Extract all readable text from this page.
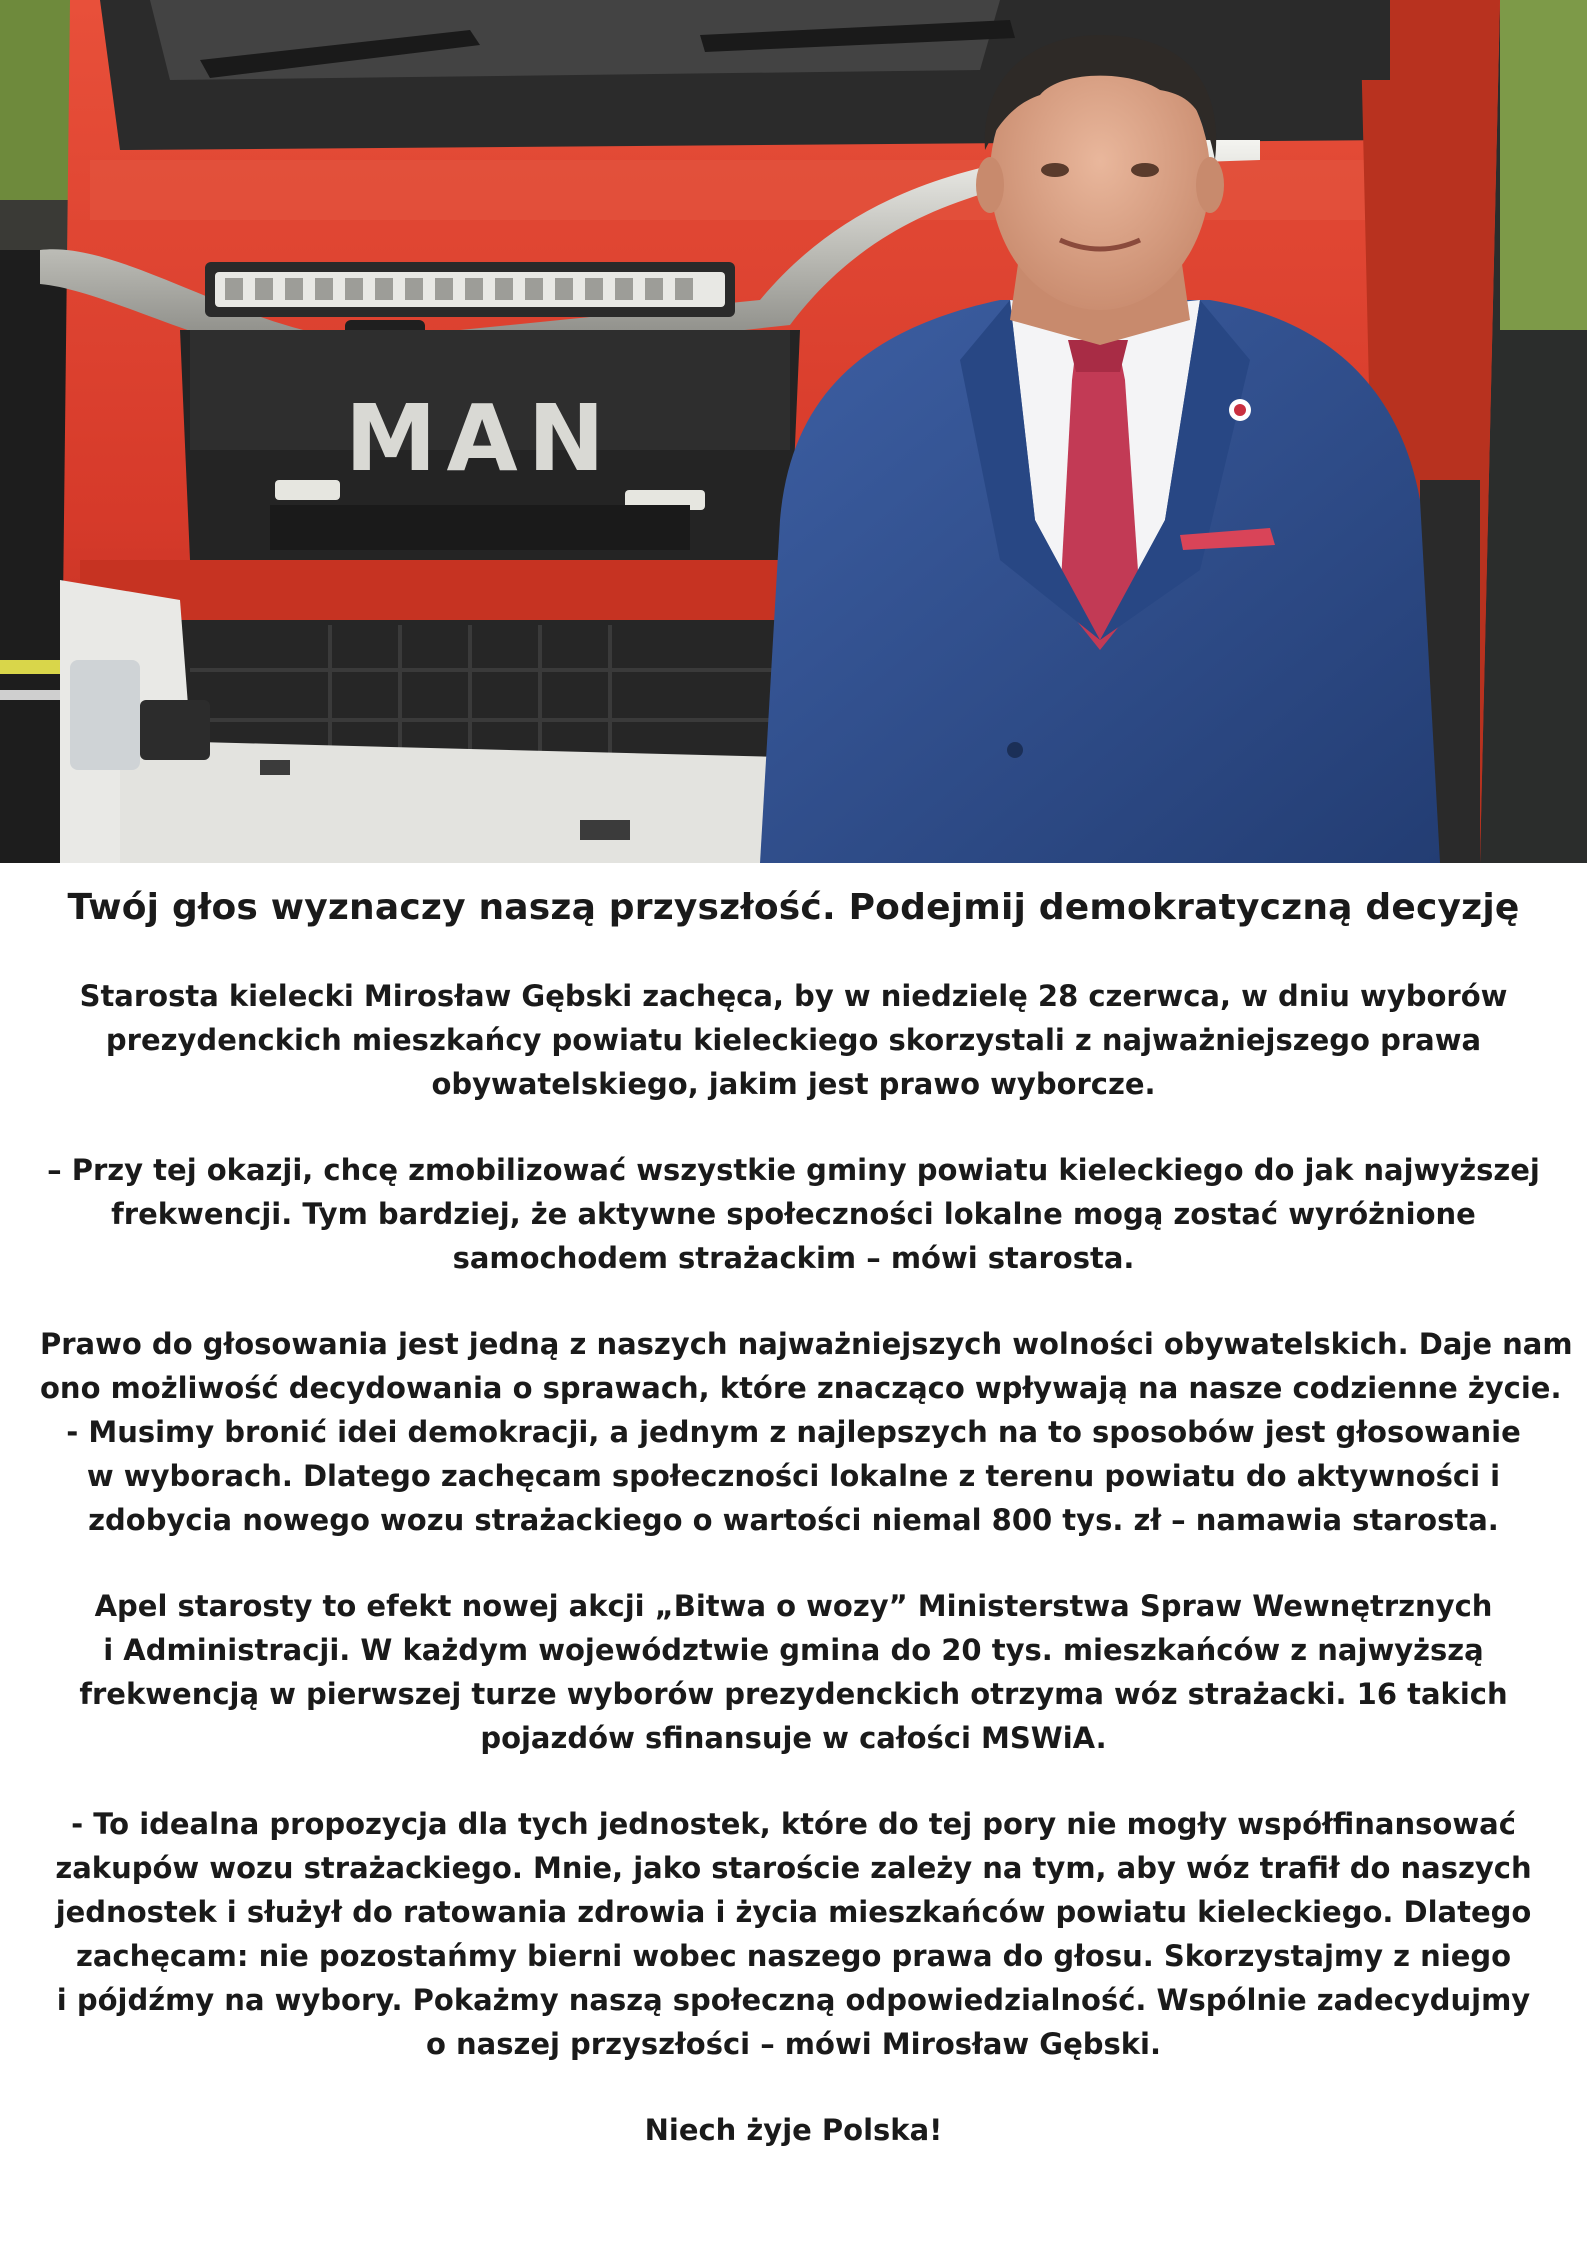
MAN
Twój głos wyznaczy naszą przyszłość. Podejmij demokratyczną decyzję

Starosta kielecki Mirosław Gębski zachęca, by w niedzielę 28 czerwca, w dniu wyborów
prezydenckich mieszkańcy powiatu kieleckiego skorzystali z najważniejszego prawa
obywatelskiego, jakim jest prawo wyborcze.

– Przy tej okazji, chcę zmobilizować wszystkie gminy powiatu kieleckiego do jak najwyższej
frekwencji. Tym bardziej, że aktywne społeczności lokalne mogą zostać wyróżnione
samochodem strażackim – mówi starosta.

Prawo do głosowania jest jedną z naszych najważniejszych wolności obywatelskich. Daje nam
ono możliwość decydowania o sprawach, które znacząco wpływają na nasze codzienne życie.
- Musimy bronić idei demokracji, a jednym z najlepszych na to sposobów jest głosowanie
w wyborach. Dlatego zachęcam społeczności lokalne z terenu powiatu do aktywności i
zdobycia nowego wozu strażackiego o wartości niemal 800 tys. zł – namawia starosta.

Apel starosty to efekt nowej akcji „Bitwa o wozy” Ministerstwa Spraw Wewnętrznych
i Administracji. W każdym województwie gmina do 20 tys. mieszkańców z najwyższą
frekwencją w pierwszej turze wyborów prezydenckich otrzyma wóz strażacki. 16 takich
pojazdów sfinansuje w całości MSWiA.

- To idealna propozycja dla tych jednostek, które do tej pory nie mogły współfinansować
zakupów wozu strażackiego. Mnie, jako staroście zależy na tym, aby wóz trafił do naszych
jednostek i służył do ratowania zdrowia i życia mieszkańców powiatu kieleckiego. Dlatego
zachęcam: nie pozostańmy bierni wobec naszego prawa do głosu. Skorzystajmy z niego
i pójdźmy na wybory. Pokażmy naszą społeczną odpowiedzialność. Wspólnie zadecydujmy
o naszej przyszłości – mówi Mirosław Gębski.

Niech żyje Polska!
